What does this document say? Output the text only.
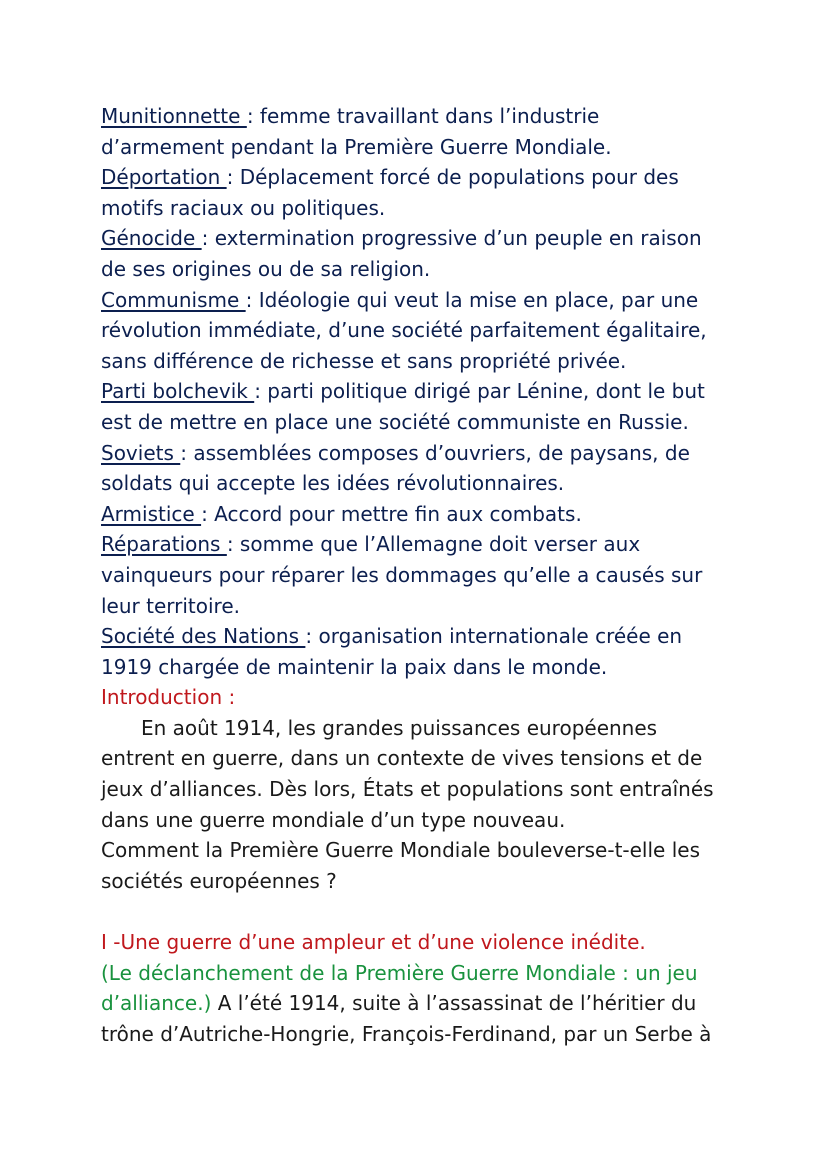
Munitionnette : femme travaillant dans l’industrie
d’armement pendant la Première Guerre Mondiale.
Déportation : Déplacement forcé de populations pour des
motifs raciaux ou politiques.
Génocide : extermination progressive d’un peuple en raison
de ses origines ou de sa religion.
Communisme : Idéologie qui veut la mise en place, par une
révolution immédiate, d’une société parfaitement égalitaire,
sans différence de richesse et sans propriété privée.
Parti bolchevik : parti politique dirigé par Lénine, dont le but
est de mettre en place une société communiste en Russie.
Soviets : assemblées composes d’ouvriers, de paysans, de
soldats qui accepte les idées révolutionnaires.
Armistice : Accord pour mettre fin aux combats.
Réparations : somme que l’Allemagne doit verser aux
vainqueurs pour réparer les dommages qu’elle a causés sur
leur territoire.
Société des Nations : organisation internationale créée en
1919 chargée de maintenir la paix dans le monde.
Introduction :
En août 1914, les grandes puissances européennes
entrent en guerre, dans un contexte de vives tensions et de
jeux d’alliances. Dès lors, États et populations sont entraînés
dans une guerre mondiale d’un type nouveau.
Comment la Première Guerre Mondiale bouleverse-t-elle les
sociétés européennes ?
I -Une guerre d’une ampleur et d’une violence inédite.
(Le déclanchement de la Première Guerre Mondiale : un jeu
d’alliance.) A l’été 1914, suite à l’assassinat de l’héritier du
trône d’Autriche-Hongrie, François-Ferdinand, par un Serbe à
